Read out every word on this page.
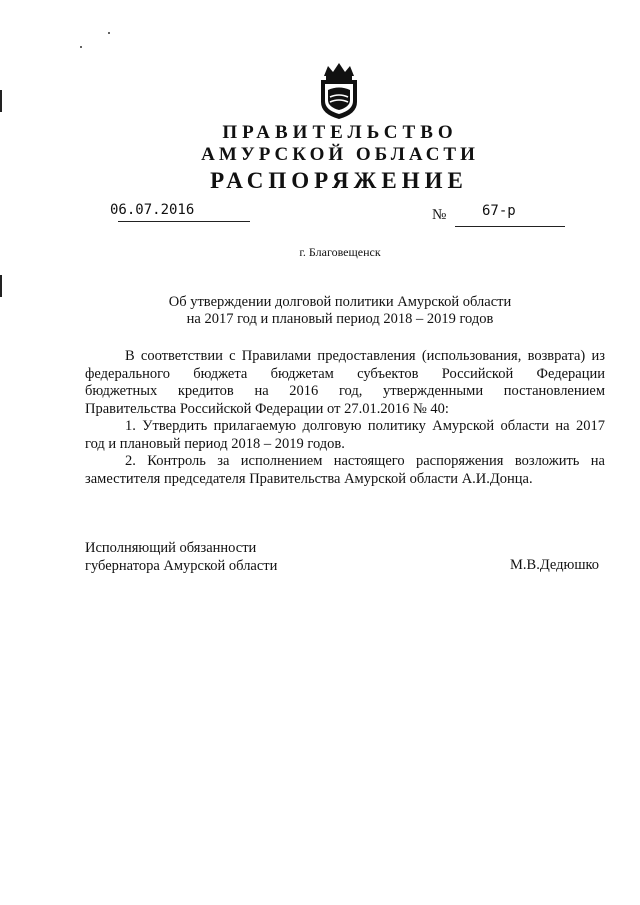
ПРАВИТЕЛЬСТВО
АМУРСКОЙ ОБЛАСТИ
РАСПОРЯЖЕНИЕ
06.07.2016	№	67-р
г. Благовещенск
Об утверждении долговой политики Амурской области
на 2017 год и плановый период 2018 – 2019 годов
В соответствии с Правилами предоставления (использования, возврата) из
федерального бюджета бюджетам субъектов Российской Федерации
бюджетных кредитов на 2016 год, утвержденными постановлением
Правительства Российской Федерации от 27.01.2016 № 40:
1. Утвердить прилагаемую долговую политику Амурской области на 2017
год и плановый период 2018 – 2019 годов.
2. Контроль за исполнением настоящего распоряжения возложить на
заместителя председателя Правительства Амурской области А.И.Донца.
Исполняющий обязанности
губернатора Амурской области	М.В.Дедюшко
